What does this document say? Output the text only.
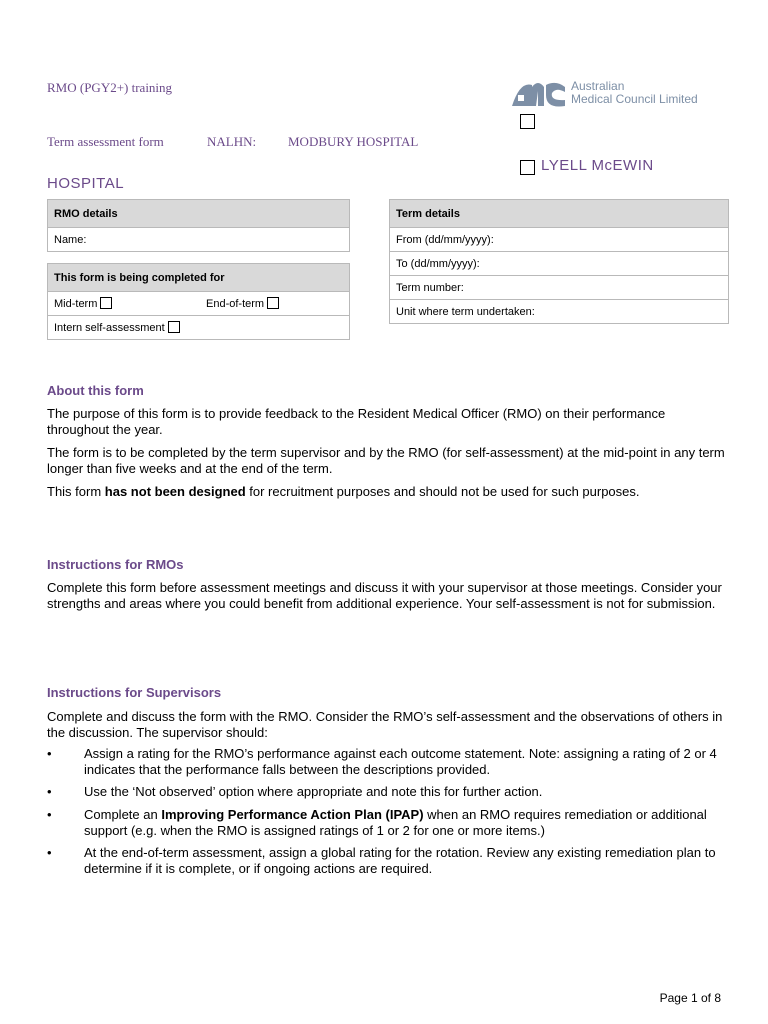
RMO (PGY2+) training
Term assessment form	NALHN: MODBURY HOSPITAL
LYELL McEWIN
HOSPITAL
Australian
Medical Council Limited
RMO details
Name:
This form is being completed for
Mid-term	End-of-term
Intern self-assessment
Term details
From (dd/mm/yyyy):
To (dd/mm/yyyy):
Term number:
Unit where term undertaken:
About this form

The purpose of this form is to provide feedback to the Resident Medical Officer (RMO) on their performance throughout the year.

The form is to be completed by the term supervisor and by the RMO (for self-assessment) at the mid-point in any term longer than five weeks and at the end of the term.

This form has not been designed for recruitment purposes and should not be used for such purposes.

Instructions for RMOs

Complete this form before assessment meetings and discuss it with your supervisor at those meetings. Consider your strengths and areas where you could benefit from additional experience. Your self-assessment is not for submission.

Instructions for Supervisors

Complete and discuss the form with the RMO. Consider the RMO’s self-assessment and the observations of others in the discussion. The supervisor should:

• Assign a rating for the RMO’s performance against each outcome statement. Note: assigning a rating of 2 or 4 indicates that the performance falls between the descriptions provided.
• Use the ‘Not observed’ option where appropriate and note this for further action.
• Complete an Improving Performance Action Plan (IPAP) when an RMO requires remediation or additional support (e.g. when the RMO is assigned ratings of 1 or 2 for one or more items.)
• At the end-of-term assessment, assign a global rating for the rotation. Review any existing remediation plan to determine if it is complete, or if ongoing actions are required.
Page 1 of 8
